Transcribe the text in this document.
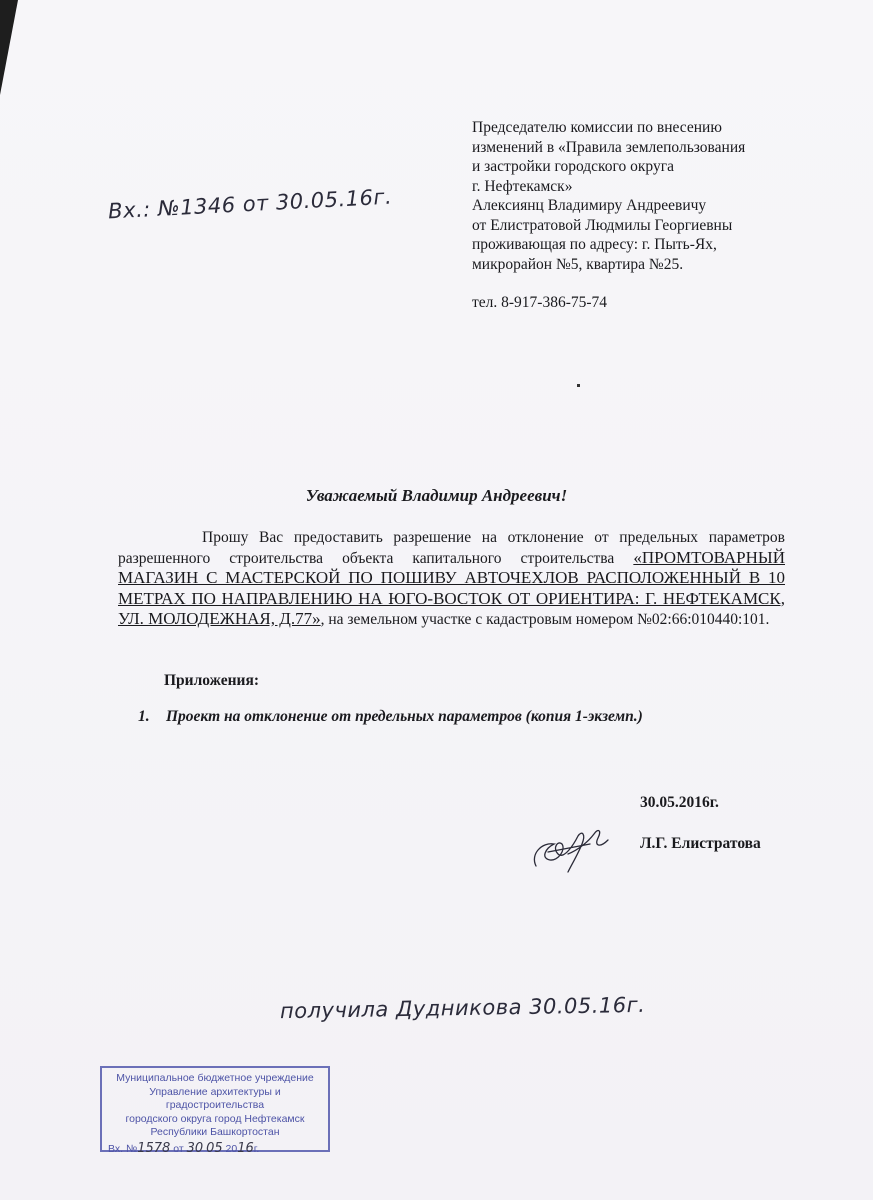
Председателю комиссии по внесению
изменений в «Правила землепользования
и застройки городского округа
г. Нефтекамск»
Алексиянц Владимиру Андреевичу
от Елистратовой Людмилы Георгиевны
проживающая по адресу: г. Пыть-Ях,
микрорайон №5, квартира №25.
тел. 8-917-386-75-74
Вх.: №1346 от 30.05.16г.
Уважаемый Владимир Андреевич!
Прошу Вас предоставить разрешение на отклонение от предельных параметров разрешенного строительства объекта капитального строительства «ПРОМТОВАРНЫЙ МАГАЗИН С МАСТЕРСКОЙ ПО ПОШИВУ АВТОЧЕХЛОВ РАСПОЛОЖЕННЫЙ В 10 МЕТРАХ ПО НАПРАВЛЕНИЮ НА ЮГО-ВОСТОК ОТ ОРИЕНТИРА: Г. НЕФТЕКАМСК, УЛ. МОЛОДЕЖНАЯ, Д.77», на земельном участке с кадастровым номером №02:66:010440:101.
Приложения:
1. Проект на отклонение от предельных параметров (копия 1-экземп.)
30.05.2016г.
Л.Г. Елистратова
получила Дудникова 30.05.16г.
Муниципальное бюджетное учреждение
Управление архитектуры и градостроительства
городского округа город Нефтекамск
Республики Башкортостан
Вх. №1578 от 30 05 2016г.
